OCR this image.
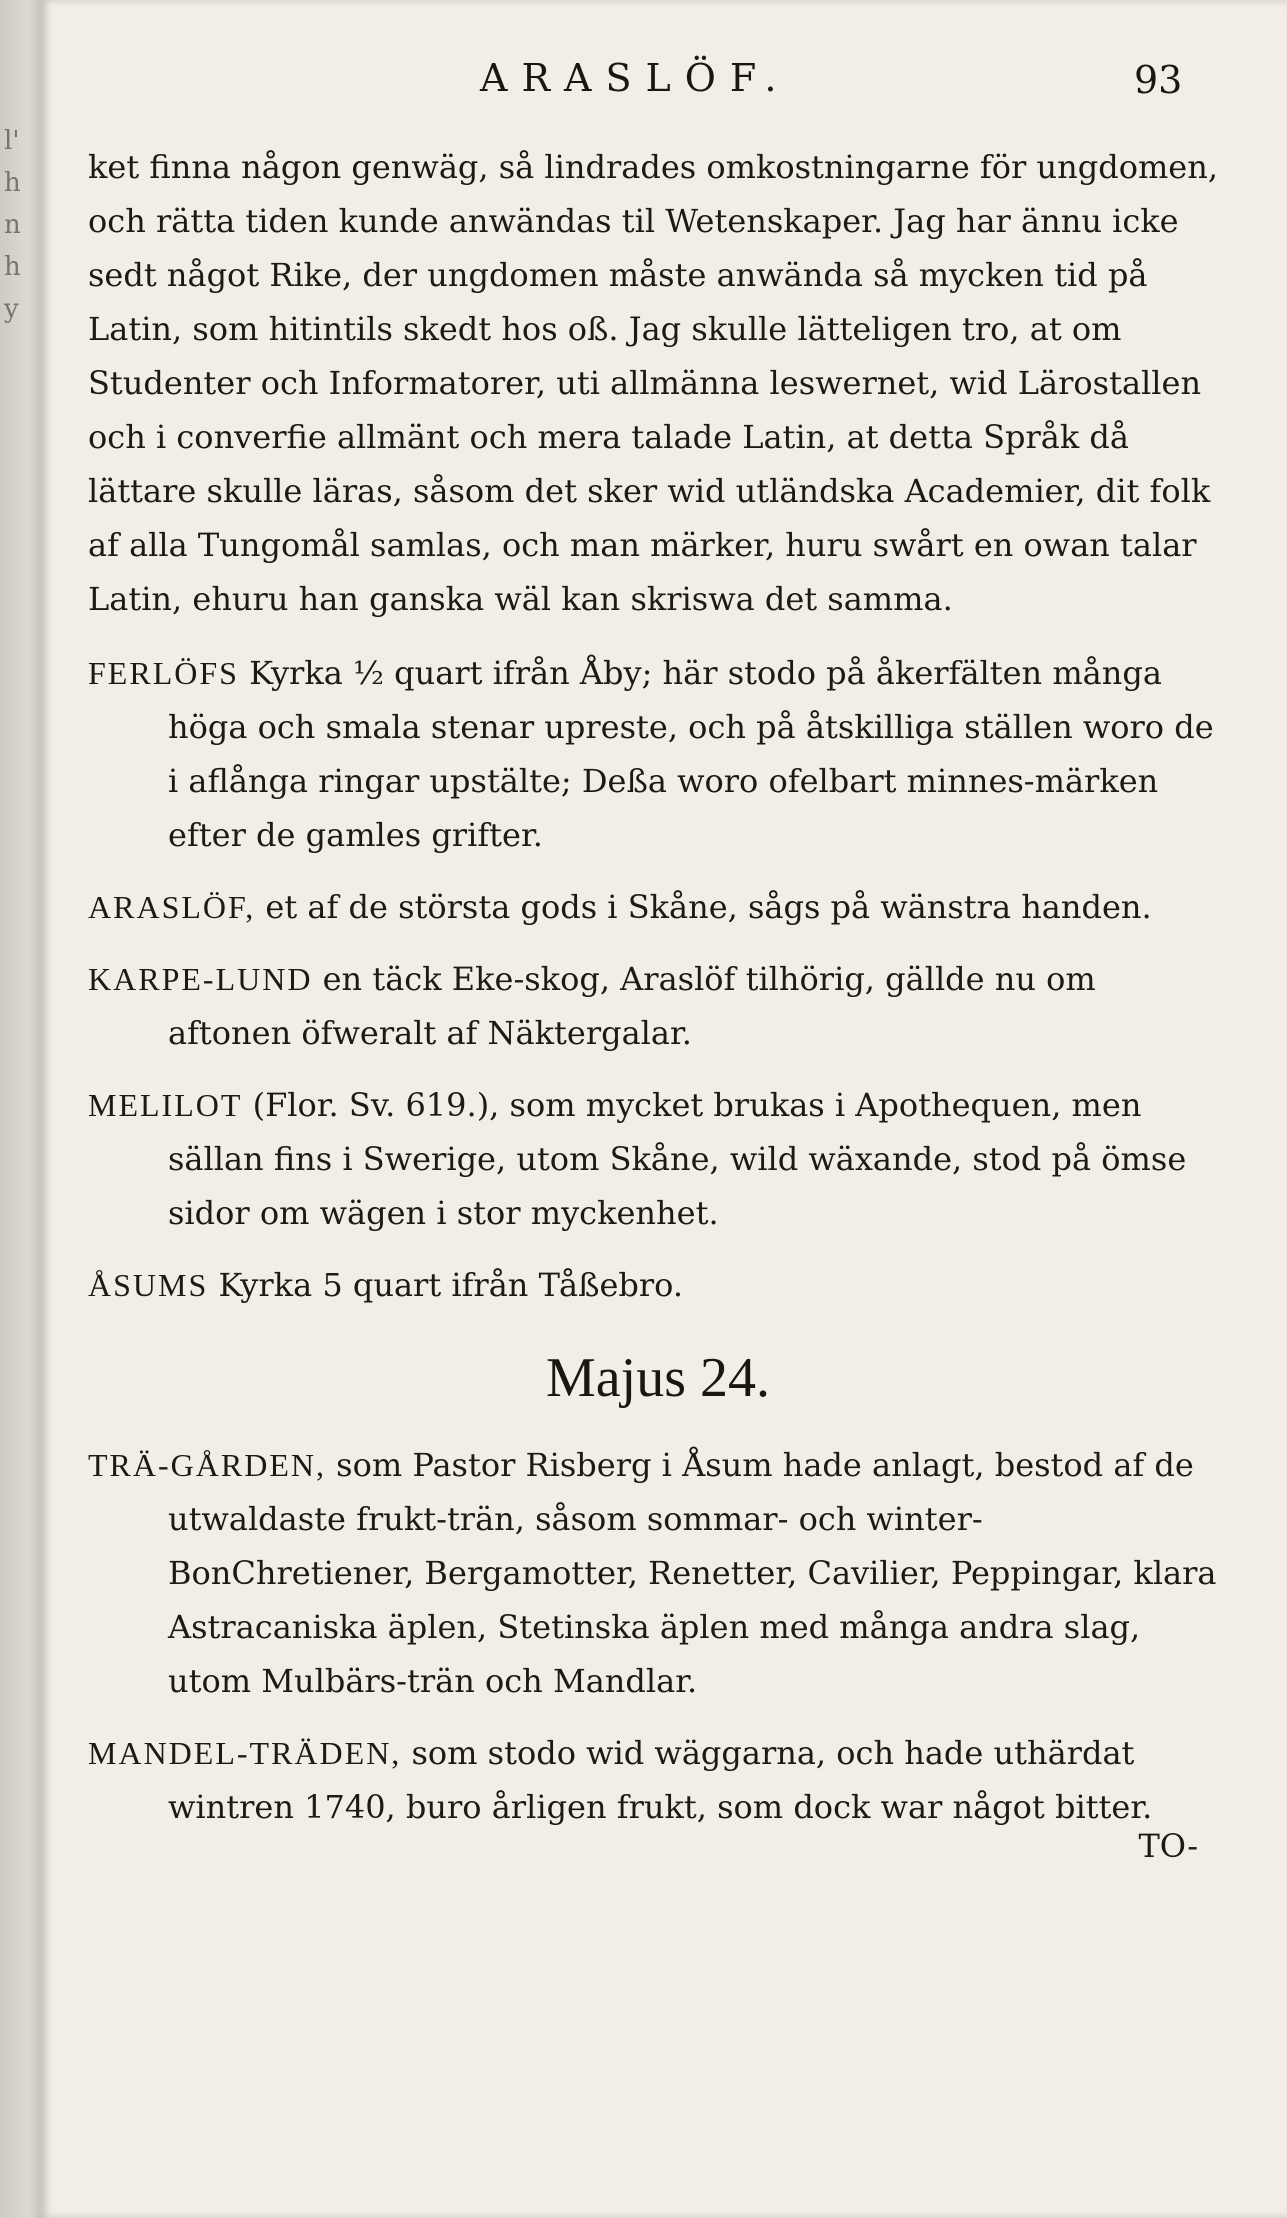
l'
h
n
h
y
ARASLÖF.	93

ket finna någon genwäg, så lindrades omkostningarne för ungdomen, och rätta tiden kunde anwändas til Wetenskaper. Jag har ännu icke sedt något Rike, der ungdomen måste anwända så mycken tid på Latin, som hitintils skedt hos oß. Jag skulle lätteligen tro, at om Studenter och Informatorer, uti allmänna leswernet, wid Lärostallen och i converfie allmänt och mera talade Latin, at detta Språk då lättare skulle läras, såsom det sker wid utländska Academier, dit folk af alla Tungomål samlas, och man märker, huru swårt en owan talar Latin, ehuru han ganska wäl kan skriswa det samma.

FERLÖFS Kyrka ½ quart ifrån Åby; här stodo på åkerfälten många höga och smala stenar upreste, och på åtskilliga ställen woro de i aflånga ringar upstälte; Deßa woro ofelbart minnes-märken efter de gamles grifter.

ARASLÖF, et af de största gods i Skåne, sågs på wänstra handen.

KARPE-LUND en täck Eke-skog, Araslöf tilhörig, gällde nu om aftonen öfweralt af Näktergalar.

MELILOT (Flor. Sv. 619.), som mycket brukas i Apothequen, men sällan fins i Swerige, utom Skåne, wild wäxande, stod på ömse sidor om wägen i stor myckenhet.

ÅSUMS Kyrka 5 quart ifrån Tåßebro.

Majus 24.

TRÄ-GÅRDEN, som Pastor Risberg i Åsum hade anlagt, bestod af de utwaldaste frukt-trän, såsom sommar- och winter-BonChretiener, Bergamotter, Renetter, Cavilier, Peppingar, klara Astracaniska äplen, Stetinska äplen med många andra slag, utom Mulbärs-trän och Mandlar.

MANDEL-TRÄDEN, som stodo wid wäggarna, och hade uthärdat wintren 1740, buro årligen frukt, som dock war något bitter.

TO-
